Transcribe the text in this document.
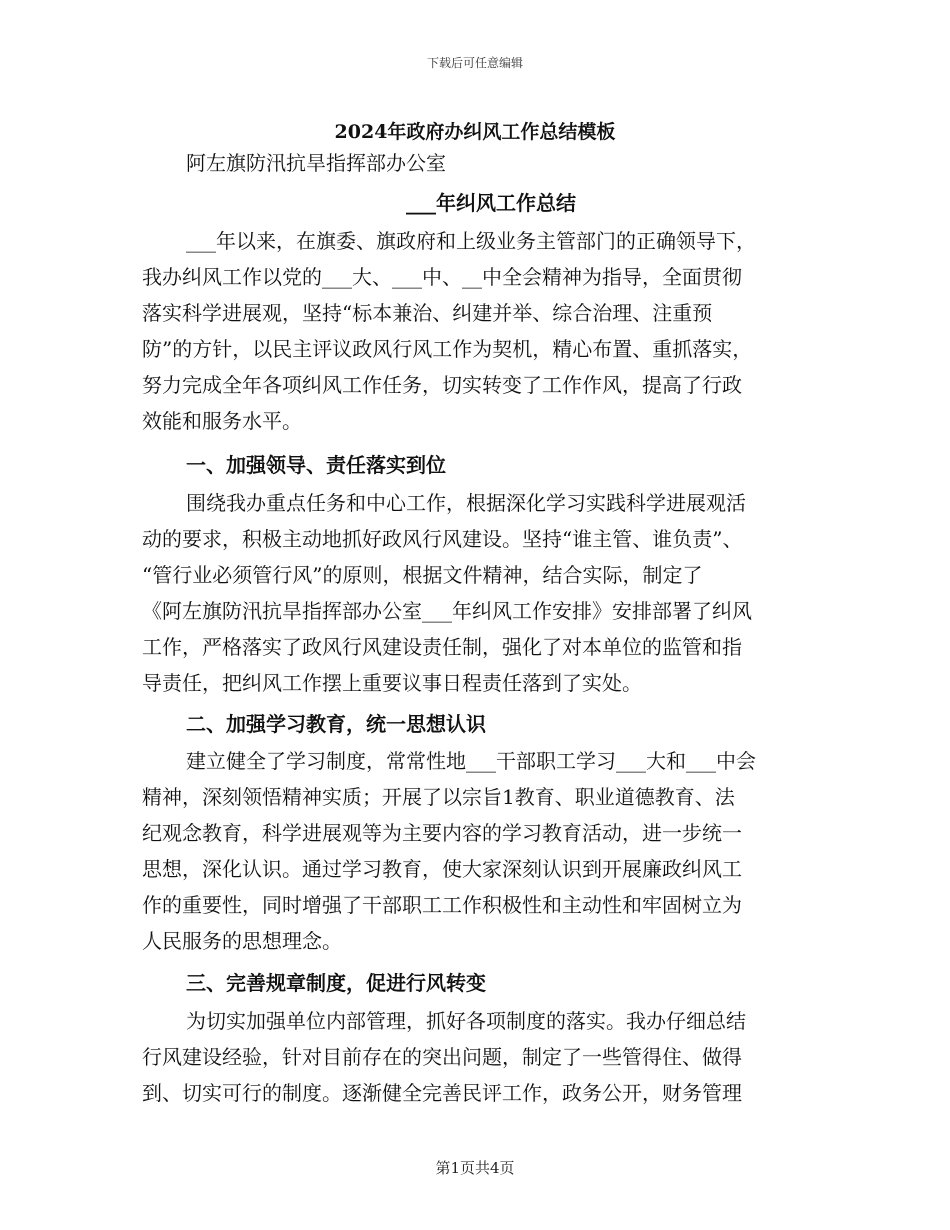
下载后可任意编辑
2024年政府办纠风工作总结模板
阿左旗防汛抗旱指挥部办公室
___年纠风工作总结
___年以来，在旗委、旗政府和上级业务主管部门的正确领导下，
我办纠风工作以党的___大、___中、__中全会精神为指导，全面贯彻
落实科学进展观，坚持“标本兼治、纠建并举、综合治理、注重预
防”的方针，以民主评议政风行风工作为契机，精心布置、重抓落实，
努力完成全年各项纠风工作任务，切实转变了工作作风，提高了行政
效能和服务水平。
一、加强领导、责任落实到位
围绕我办重点任务和中心工作，根据深化学习实践科学进展观活
动的要求，积极主动地抓好政风行风建设。坚持“谁主管、谁负责”、
“管行业必须管行风”的原则，根据文件精神，结合实际，制定了
《阿左旗防汛抗旱指挥部办公室___年纠风工作安排》安排部署了纠风
工作，严格落实了政风行风建设责任制，强化了对本单位的监管和指
导责任，把纠风工作摆上重要议事日程责任落到了实处。
二、加强学习教育，统一思想认识
建立健全了学习制度，常常性地___干部职工学习___大和___中会
精神，深刻领悟精神实质；开展了以宗旨1教育、职业道德教育、法
纪观念教育，科学进展观等为主要内容的学习教育活动，进一步统一
思想，深化认识。通过学习教育，使大家深刻认识到开展廉政纠风工
作的重要性，同时增强了干部职工工作积极性和主动性和牢固树立为
人民服务的思想理念。
三、完善规章制度，促进行风转变
为切实加强单位内部管理，抓好各项制度的落实。我办仔细总结
行风建设经验，针对目前存在的突出问题，制定了一些管得住、做得
到、切实可行的制度。逐渐健全完善民评工作，政务公开，财务管理
第1页共4页
